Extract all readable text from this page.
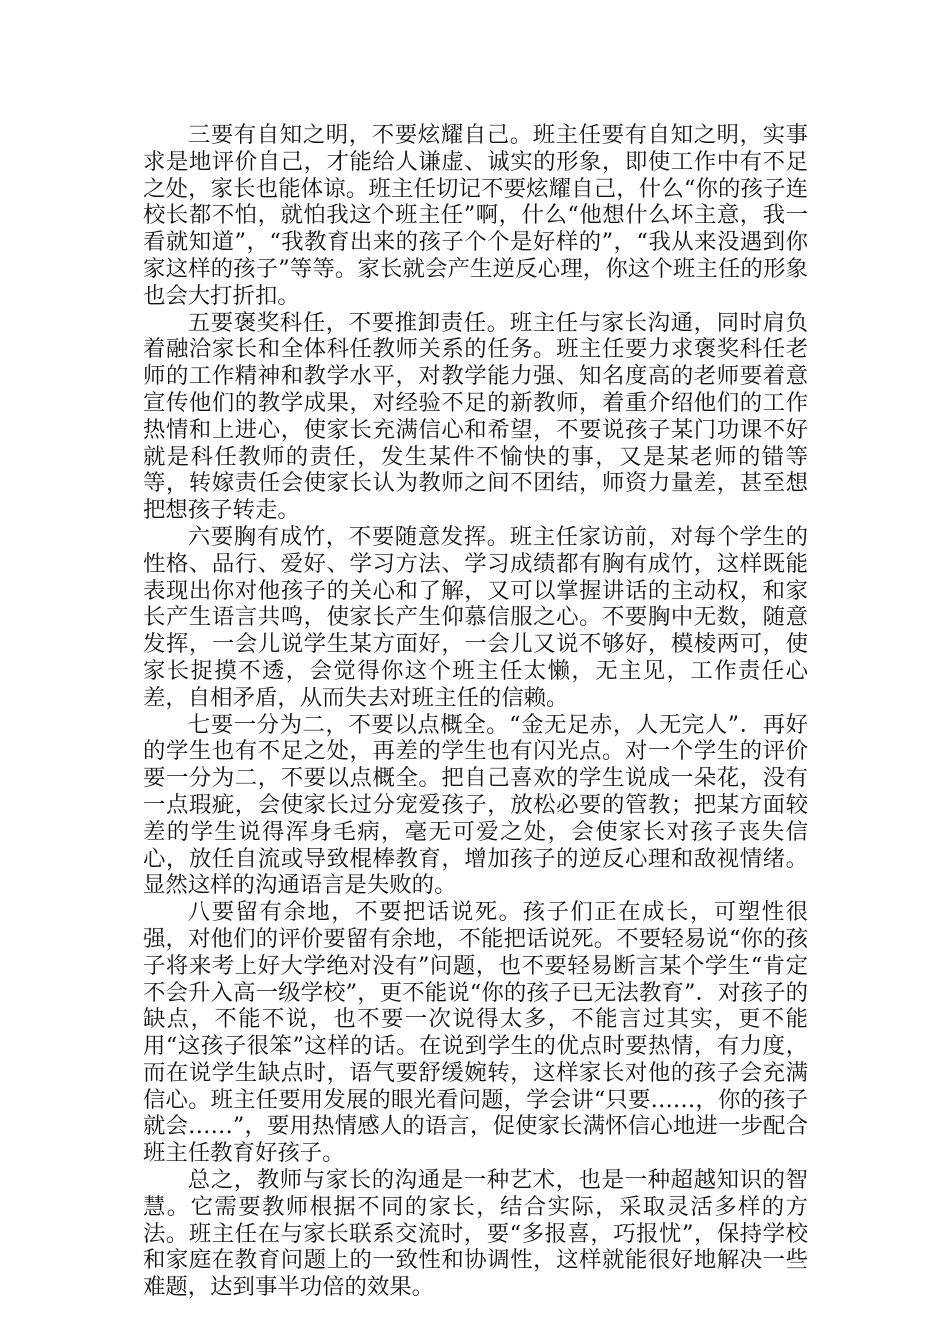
三要有自知之明，不要炫耀自己。班主任要有自知之明，实事求是地评价自己，才能给人谦虚、诚实的形象，即使工作中有不足之处，家长也能体谅。班主任切记不要炫耀自己，什么“你的孩子连校长都不怕，就怕我这个班主任”啊，什么“他想什么坏主意，我一看就知道”，“我教育出来的孩子个个是好样的”，“我从来没遇到你家这样的孩子”等等。家长就会产生逆反心理，你这个班主任的形象也会大打折扣。

五要褒奖科任，不要推卸责任。班主任与家长沟通，同时肩负着融洽家长和全体科任教师关系的任务。班主任要力求褒奖科任老师的工作精神和教学水平，对教学能力强、知名度高的老师要着意宣传他们的教学成果，对经验不足的新教师，着重介绍他们的工作热情和上进心，使家长充满信心和希望，不要说孩子某门功课不好就是科任教师的责任，发生某件不愉快的事，又是某老师的错等等，转嫁责任会使家长认为教师之间不团结，师资力量差，甚至想把想孩子转走。

六要胸有成竹，不要随意发挥。班主任家访前，对每个学生的性格、品行、爱好、学习方法、学习成绩都有胸有成竹，这样既能表现出你对他孩子的关心和了解，又可以掌握讲话的主动权，和家长产生语言共鸣，使家长产生仰慕信服之心。不要胸中无数，随意发挥，一会儿说学生某方面好，一会儿又说不够好，模棱两可，使家长捉摸不透，会觉得你这个班主任太懒，无主见，工作责任心差，自相矛盾，从而失去对班主任的信赖。

七要一分为二，不要以点概全。“金无足赤，人无完人”．再好的学生也有不足之处，再差的学生也有闪光点。对一个学生的评价要一分为二，不要以点概全。把自己喜欢的学生说成一朵花，没有一点瑕疵，会使家长过分宠爱孩子，放松必要的管教；把某方面较差的学生说得浑身毛病，毫无可爱之处，会使家长对孩子丧失信心，放任自流或导致棍棒教育，增加孩子的逆反心理和敌视情绪。显然这样的沟通语言是失败的。

八要留有余地，不要把话说死。孩子们正在成长，可塑性很强，对他们的评价要留有余地，不能把话说死。不要轻易说“你的孩子将来考上好大学绝对没有”问题，也不要轻易断言某个学生“肯定不会升入高一级学校”，更不能说“你的孩子已无法教育”．对孩子的缺点，不能不说，也不要一次说得太多，不能言过其实，更不能用“这孩子很笨”这样的话。在说到学生的优点时要热情，有力度，而在说学生缺点时，语气要舒缓婉转，这样家长对他的孩子会充满信心。班主任要用发展的眼光看问题，学会讲“只要……，你的孩子就会……”，要用热情感人的语言，促使家长满怀信心地进一步配合班主任教育好孩子。

总之，教师与家长的沟通是一种艺术，也是一种超越知识的智慧。它需要教师根据不同的家长，结合实际，采取灵活多样的方法。班主任在与家长联系交流时，要“多报喜，巧报忧”，保持学校和家庭在教育问题上的一致性和协调性，这样就能很好地解决一些难题，达到事半功倍的效果。
